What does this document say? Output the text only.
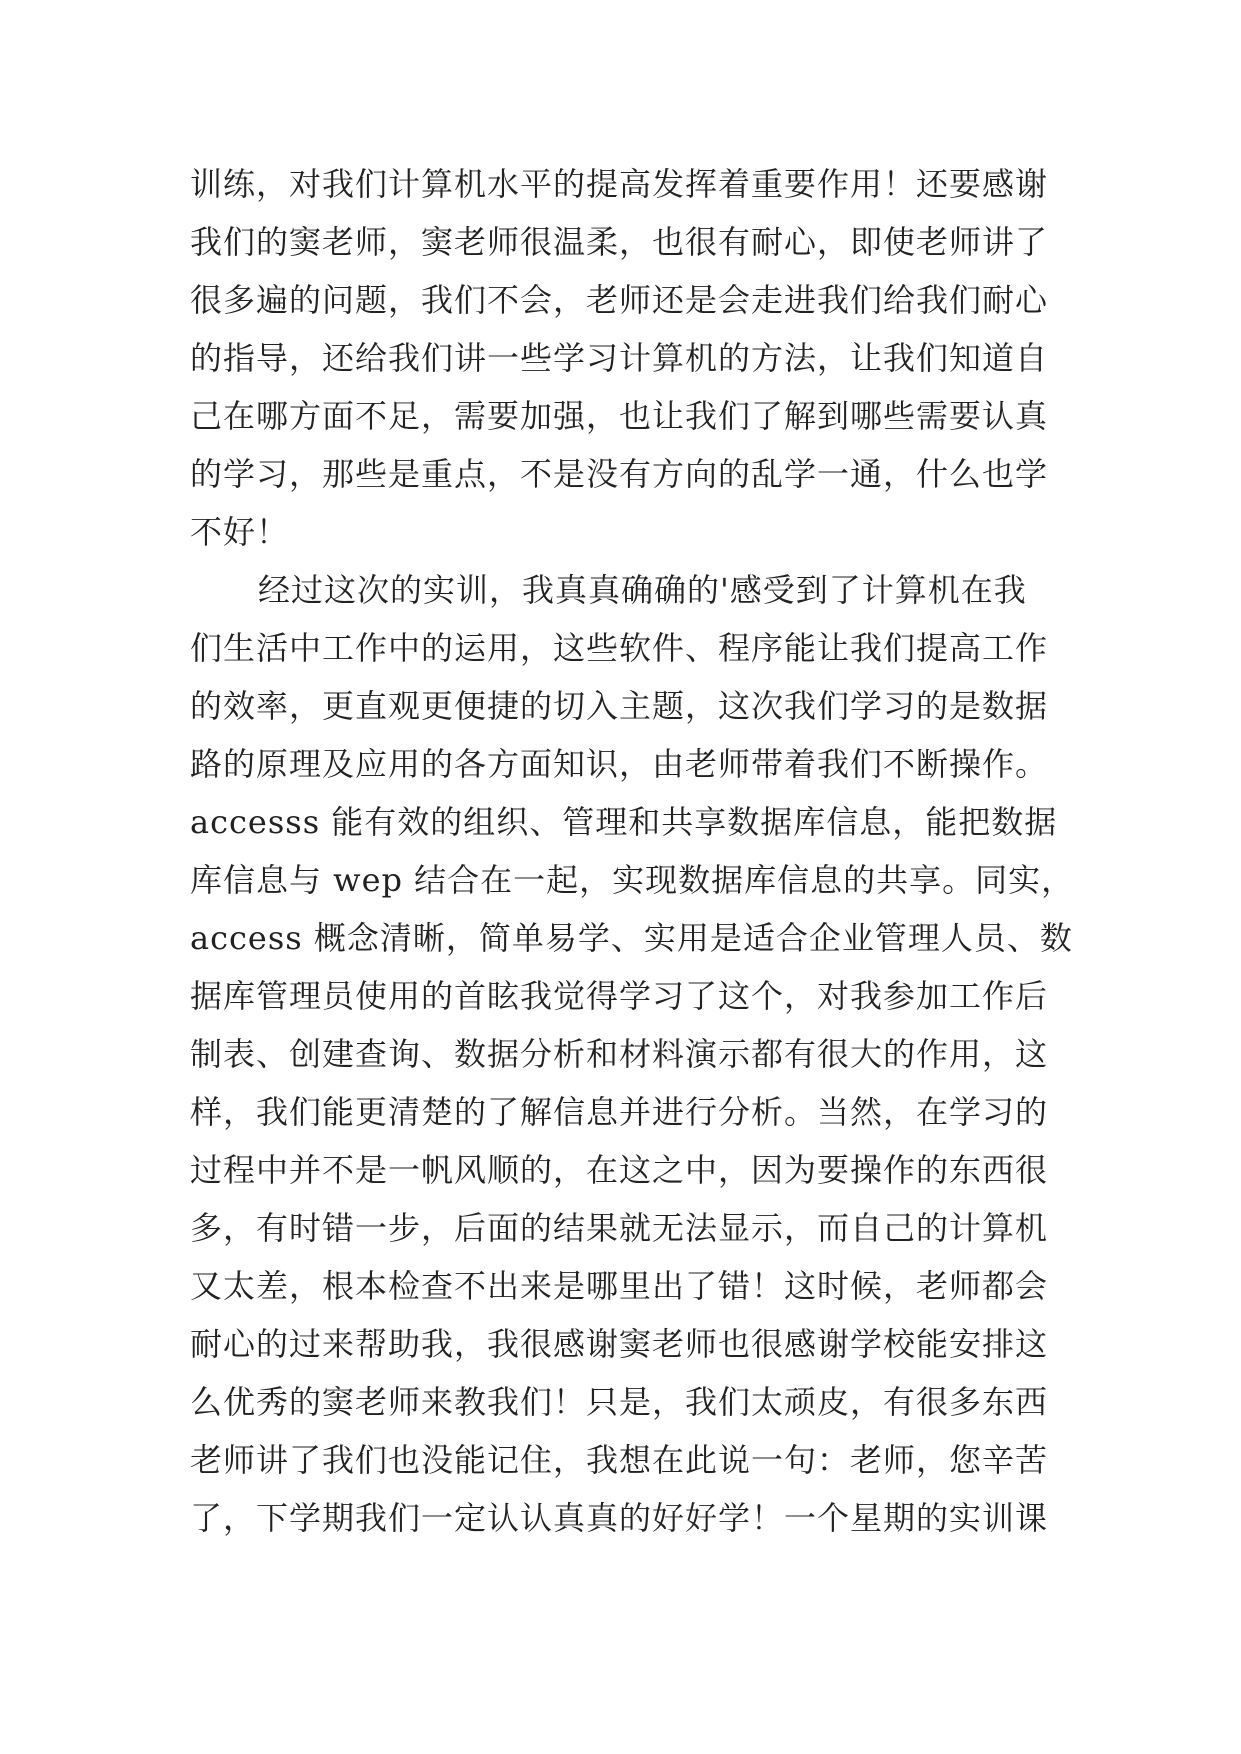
训练，对我们计算机水平的提高发挥着重要作用！还要感谢
我们的窦老师，窦老师很温柔，也很有耐心，即使老师讲了
很多遍的问题，我们不会，老师还是会走进我们给我们耐心
的指导，还给我们讲一些学习计算机的方法，让我们知道自
己在哪方面不足，需要加强，也让我们了解到哪些需要认真
的学习，那些是重点，不是没有方向的乱学一通，什么也学
不好！
经过这次的实训，我真真确确的'感受到了计算机在我
们生活中工作中的运用，这些软件、程序能让我们提高工作
的效率，更直观更便捷的切入主题，这次我们学习的是数据
路的原理及应用的各方面知识，由老师带着我们不断操作。
accesss 能有效的组织、管理和共享数据库信息，能把数据
库信息与 wep 结合在一起，实现数据库信息的共享。同实，
access 概念清晰，简单易学、实用是适合企业管理人员、数
据库管理员使用的首眩我觉得学习了这个，对我参加工作后
制表、创建查询、数据分析和材料演示都有很大的作用，这
样，我们能更清楚的了解信息并进行分析。当然，在学习的
过程中并不是一帆风顺的，在这之中，因为要操作的东西很
多，有时错一步，后面的结果就无法显示，而自己的计算机
又太差，根本检查不出来是哪里出了错！这时候，老师都会
耐心的过来帮助我，我很感谢窦老师也很感谢学校能安排这
么优秀的窦老师来教我们！只是，我们太顽皮，有很多东西
老师讲了我们也没能记住，我想在此说一句：老师，您辛苦
了，下学期我们一定认认真真的好好学！一个星期的实训课
